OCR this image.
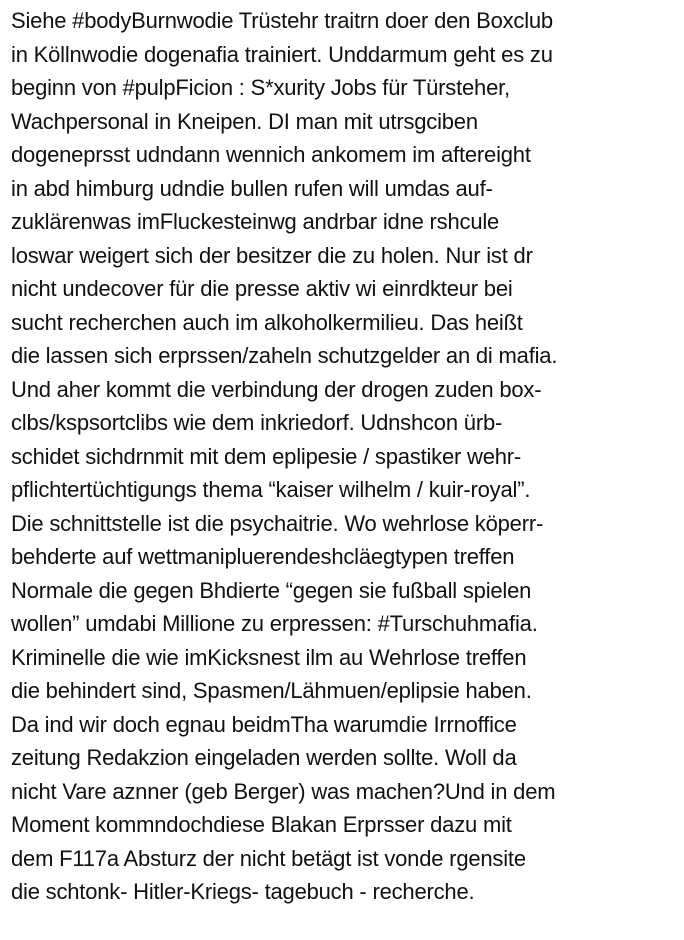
Siehe #bodyBurnwodie Trüstehr traitrn doer den Boxclub
in Köllnwodie dogenafia trainiert. Unddarmum geht es zu
beginn von #pulpFicion : S*xurity Jobs für Türsteher,
Wachpersonal in Kneipen. DI man mit utrsgciben
dogeneprsst udndann wennich ankomem im aftereight
in abd himburg udndie bullen rufen will umdas auf-
zuklärenwas imFluckesteinwg andrbar idne rshcule
loswar weigert sich der besitzer die zu holen. Nur ist dr
nicht undecover für die presse aktiv wi einrdkteur bei
sucht recherchen auch im alkoholkermilieu. Das heißt
die lassen sich erprssen/zaheln schutzgelder an di mafia.
Und aher kommt die verbindung der drogen zuden box-
clbs/kspsortclibs wie dem inkriedorf. Udnshcon ürb-
schidet sichdrnmit mit dem eplipesie / spastiker wehr-
pflichtertüchtigungs thema “kaiser wilhelm / kuir-royal”.
Die schnittstelle ist die psychaitrie. Wo wehrlose köperr-
behderte auf wettmanipluerendeshcläegtypen treffen
Normale die gegen Bhdierte “gegen sie fußball spielen
wollen” umdabi Millione zu erpressen: #Turschuhmafia.
Kriminelle die wie imKicksnest ilm au Wehrlose treffen
die behindert sind, Spasmen/Lähmuen/eplipsie haben.
Da ind wir doch egnau beidmTha warumdie Irrnoffice
zeitung Redakzion eingeladen werden sollte. Woll da
nicht Vare aznner (geb Berger) was machen?Und in dem
Moment kommndochdiese Blakan Erprsser dazu mit
dem F117a Absturz der nicht betägt ist vonde rgensite
die schtonk- Hitler-Kriegs- tagebuch - recherche.
